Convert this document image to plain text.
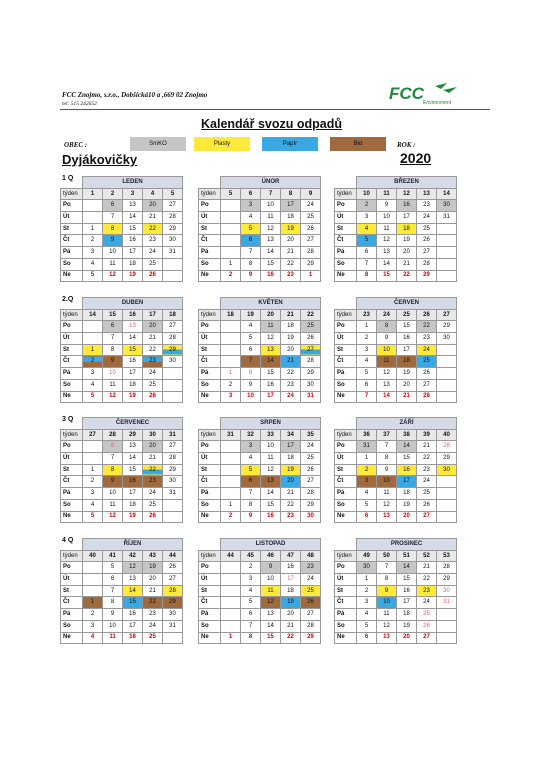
FCC Znojmo, s.r.o., Dobšická10 a ,669 02 Znojmo
tel: 515 242652
FCC Environment
Kalendář svozu odpadů
OBEC :
Dyjákovičky
ROK :
2020
SmKO	Plasty	Papír	Bio
1 Q
	LEDEN				
týden	1	2	3	4	5
Po		6	13	20	27
Út		7	14	21	28
St	1	8	15	22	29
Čt	2	9	16	23	30
Pá	3	10	17	24	31
So	4	11	18	25	
Ne	5	12	19	26	
	ÚNOR				
týden	5	6	7	8	9
Po		3	10	17	24
Út		4	11	18	25
St		5	12	19	26
Čt		6	13	20	27
Pá		7	14	21	28
So	1	8	15	22	29
Ne	2	9	16	23	1
	BŘEZEN				
týden	10	11	12	13	14
Po	2	9	16	23	30
Út	3	10	17	24	31
St	4	11	18	25	
Čt	5	12	19	26	
Pá	6	13	20	27	
So	7	14	21	28	
Ne	8	15	22	29	
2.Q
	DUBEN				
týden	14	15	16	17	18
Po		6	13	20	27
Út		7	14	21	28
St	1	8	15	22	29
Čt	2	9	16	23	30
Pá	3	10	17	24	
So	4	11	18	25	
Ne	5	12	19	26	
	KVĚTEN				
týden	18	19	20	21	22
Po		4	11	18	25
Út		5	12	19	26
St		6	13	20	27
Čt		7	14	21	28
Pá	1	8	15	22	29
So	2	9	16	23	30
Ne	3	10	17	24	31
	ČERVEN				
týden	23	24	25	26	27
Po	1	8	15	22	29
Út	2	9	16	23	30
St	3	10	17	24	
Čt	4	11	18	25	
Pá	5	12	19	26	
So	6	13	20	27	
Ne	7	14	21	28	
3 Q
	ČERVENEC				
týden	27	28	29	30	31
Po		6	13	20	27
Út		7	14	21	28
St	1	8	15	22	29
Čt	2	9	16	23	30
Pá	3	10	17	24	31
So	4	11	18	25	
Ne	5	12	19	26	
	SRPEN				
týden	31	32	33	34	35
Po		3	10	17	24
Út		4	11	18	25
St		5	12	19	26
Čt		6	13	20	27
Pá		7	14	21	28
So	1	8	15	22	29
Ne	2	9	16	23	30
	ZÁŘÍ				
týden	36	37	38	39	40
Po	31	7	14	21	28
Út	1	8	15	22	29
St	2	9	16	23	30
Čt	3	10	17	24	
Pá	4	11	18	25	
So	5	12	19	26	
Ne	6	13	20	27	
4 Q
	ŘÍJEN				
týden	40	41	42	43	44
Po		5	12	19	26
Út		6	13	20	27
St		7	14	21	28
Čt	1	8	15	22	29
Pá	2	9	16	23	30
So	3	10	17	24	31
Ne	4	11	18	25	
	LISTOPAD				
týden	44	45	46	47	48
Po		2	9	16	23
Út		3	10	17	24
St		4	11	18	25
Čt		5	12	19	26
Pá		6	13	20	27
So		7	14	21	28
Ne	1	8	15	22	29
	PROSINEC				
týden	49	50	51	52	53
Po	30	7	14	21	28
Út	1	8	15	22	29
St	2	9	16	23	30
Čt	3	10	17	24	31
Pá	4	11	18	25	
So	5	12	19	26	
Ne	6	13	20	27	
